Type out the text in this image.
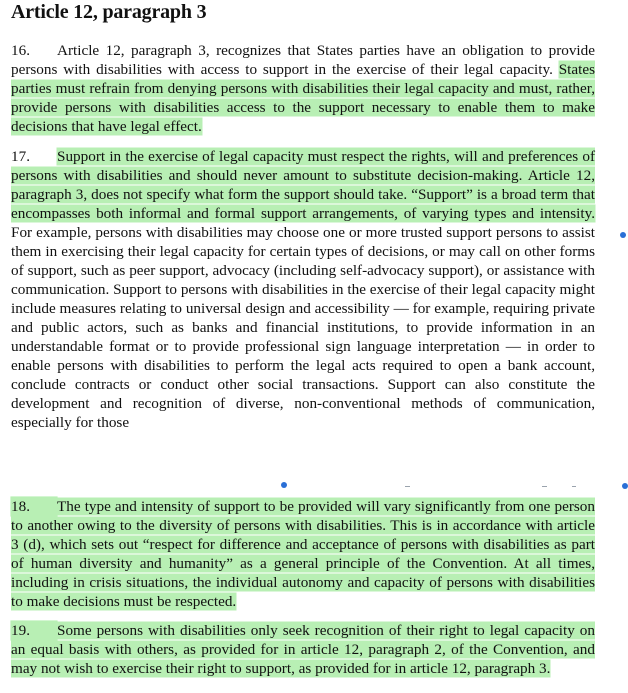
Article 12, paragraph 3
16. Article 12, paragraph 3, recognizes that States parties have an obligation to provide persons with disabilities with access to support in the exercise of their legal capacity. States parties must refrain from denying persons with disabilities their legal capacity and must, rather, provide persons with disabilities access to the support necessary to enable them to make decisions that have legal effect.
17. Support in the exercise of legal capacity must respect the rights, will and preferences of persons with disabilities and should never amount to substitute decision-making. Article 12, paragraph 3, does not specify what form the support should take. “Support” is a broad term that encompasses both informal and formal support arrangements, of varying types and intensity. For example, persons with disabilities may choose one or more trusted support persons to assist them in exercising their legal capacity for certain types of decisions, or may call on other forms of support, such as peer support, advocacy (including self-advocacy support), or assistance with communication. Support to persons with disabilities in the exercise of their legal capacity might include measures relating to universal design and accessibility — for example, requiring private and public actors, such as banks and financial institutions, to provide information in an understandable format or to provide professional sign language interpretation — in order to enable persons with disabilities to perform the legal acts required to open a bank account, conclude contracts or conduct other social transactions. Support can also constitute the development and recognition of diverse, non-conventional methods of communication, especially for those
18. The type and intensity of support to be provided will vary significantly from one person to another owing to the diversity of persons with disabilities. This is in accordance with article 3 (d), which sets out “respect for difference and acceptance of persons with disabilities as part of human diversity and humanity” as a general principle of the Convention. At all times, including in crisis situations, the individual autonomy and capacity of persons with disabilities to make decisions must be respected.
19. Some persons with disabilities only seek recognition of their right to legal capacity on an equal basis with others, as provided for in article 12, paragraph 2, of the Convention, and may not wish to exercise their right to support, as provided for in article 12, paragraph 3.
